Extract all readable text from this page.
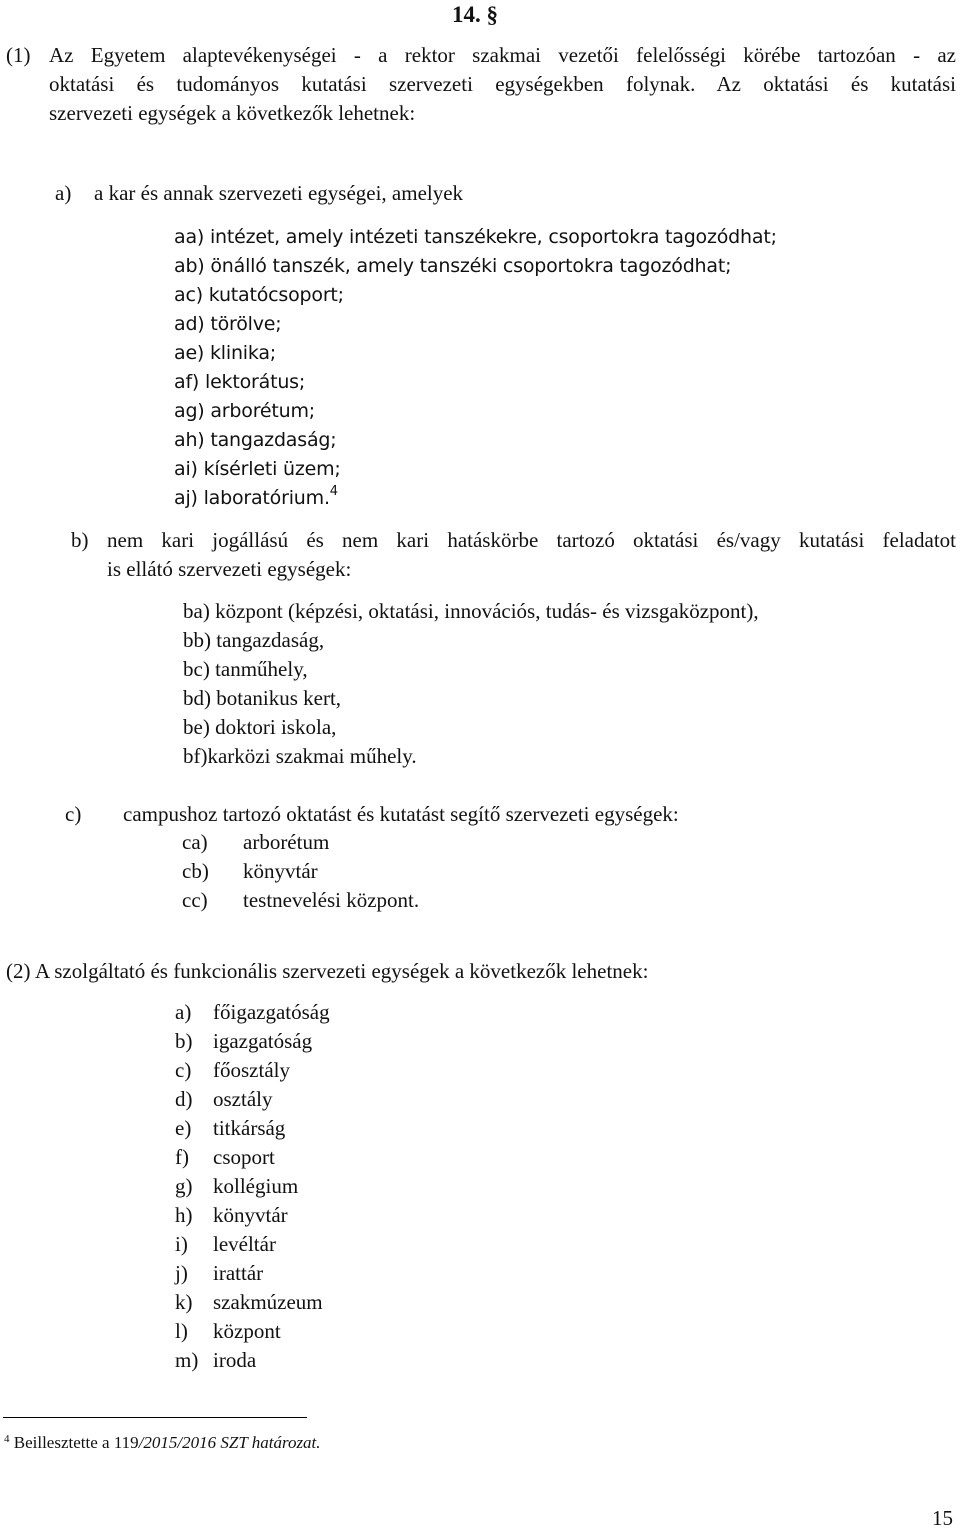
14. §
(1) Az Egyetem alaptevékenységei - a rektor szakmai vezetői felelősségi körébe tartozóan - az
oktatási és tudományos kutatási szervezeti egységekben folynak. Az oktatási és kutatási
szervezeti egységek a következők lehetnek:
a) a kar és annak szervezeti egységei, amelyek
aa) intézet, amely intézeti tanszékekre, csoportokra tagozódhat;
ab) önálló tanszék, amely tanszéki csoportokra tagozódhat;
ac) kutatócsoport;
ad) törölve;
ae) klinika;
af) lektorátus;
ag) arborétum;
ah) tangazdaság;
ai) kísérleti üzem;
aj) laboratórium.$^4$
b) nem kari jogállású és nem kari hatáskörbe tartozó oktatási és/vagy kutatási feladatot
is ellátó szervezeti egységek:
ba) központ (képzési, oktatási, innovációs, tudás- és vizsgaközpont),
bb) tangazdaság,
bc) tanműhely,
bd) botanikus kert,
be) doktori iskola,
bf)karközi szakmai műhely.
c) campushoz tartozó oktatást és kutatást segítő szervezeti egységek:
ca) arborétum
cb) könyvtár
cc) testnevelési központ.
(2) A szolgáltató és funkcionális szervezeti egységek a következők lehetnek:
a) főigazgatóság
b) igazgatóság
c) főosztály
d) osztály
e) titkárság
f) csoport
g) kollégium
h) könyvtár
i) levéltár
j) irattár
k) szakmúzeum
l) központ
m) iroda
$^4$ Beillesztette a 119/2015/2016 SZT határozat.
15
